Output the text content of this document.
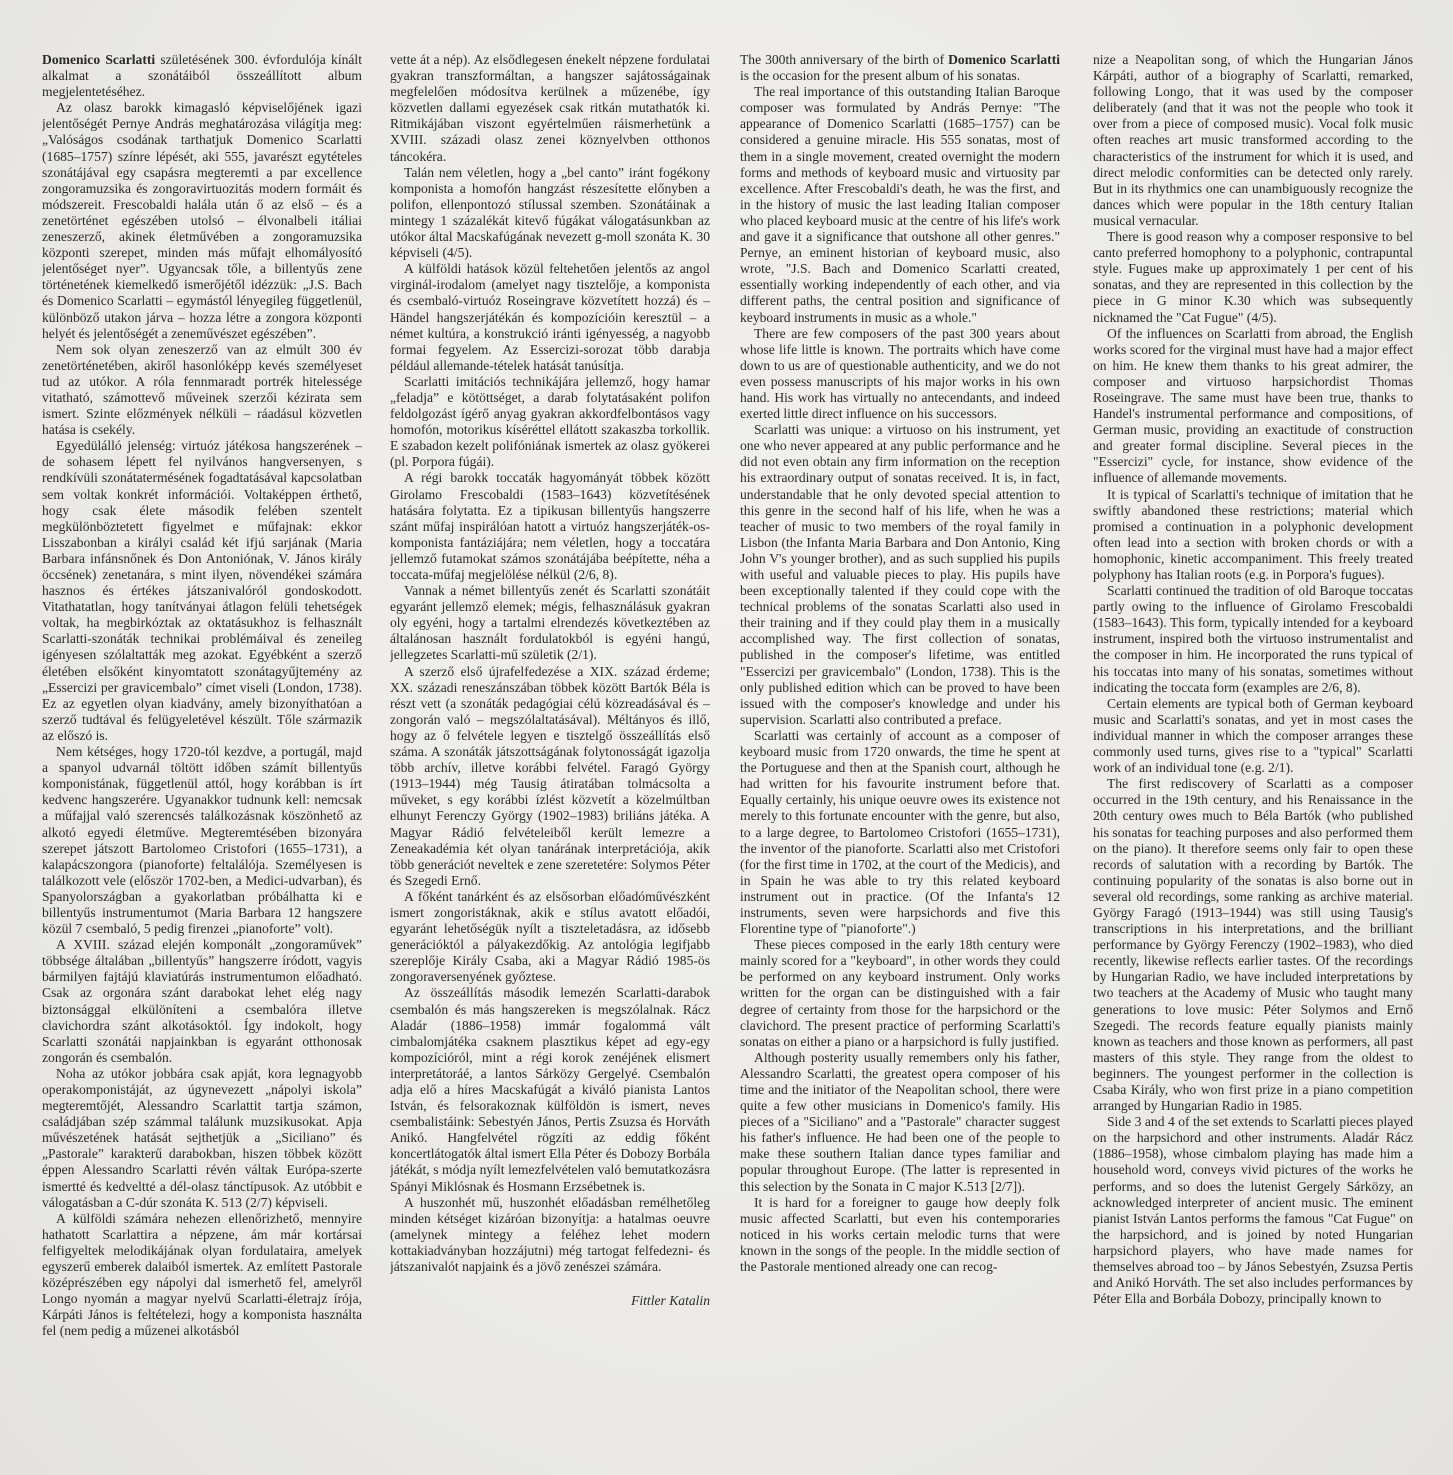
Domenico Scarlatti születésének 300. évfordulója kínált alkalmat a szonátáiból összeállított album megjelentetéséhez.

Az olasz barokk kimagasló képviselőjének igazi jelentőségét Pernye András meghatározása világítja meg: „Valóságos csodának tarthatjuk Domenico Scarlatti (1685–1757) színre lépését, aki 555, javarészt egytételes szonátájával egy csapásra megteremti a par excellence zongoramuzsika és zongoravirtuozitás modern formáit és módszereit. Frescobaldi halála után ő az első – és a zenetörténet egészében utolsó – élvonalbeli itáliai zeneszerző, akinek életművében a zongoramuzsika központi szerepet, minden más műfajt elhomályosító jelentőséget nyer”. Ugyancsak tőle, a billentyűs zene történetének kiemelkedő ismerőjétől idézzük: „J.S. Bach és Domenico Scarlatti – egymástól lényegileg függetlenül, különböző utakon járva – hozza létre a zongora központi helyét és jelentőségét a zeneművészet egészében”.

Nem sok olyan zeneszerző van az elmúlt 300 év zenetörténetében, akiről hasonlóképp kevés személyeset tud az utókor. A róla fennmaradt portrék hitelessége vitatható, számottevő műveinek szerzői kézirata sem ismert. Szinte előzmények nélküli – ráadásul közvetlen hatása is csekély.

Egyedülálló jelenség: virtuóz játékosa hangszerének – de sohasem lépett fel nyilvános hangversenyen, s rendkívüli szonátatermésének fogadtatásával kapcsolatban sem voltak konkrét információi. Voltaképpen érthető, hogy csak élete második felében szentelt megkülönböztetett figyelmet e műfajnak: ekkor Lisszabonban a királyi család két ifjú sarjának (Maria Barbara infánsnőnek és Don Antoniónak, V. János király öccsének) zenetanára, s mint ilyen, növendékei számára hasznos és értékes játszanivalóról gondoskodott. Vitathatatlan, hogy tanítványai átlagon felüli tehetségek voltak, ha megbirkóztak az oktatásukhoz is felhasznált Scarlatti-szonáták technikai problémáival és zeneileg igényesen szólaltatták meg azokat. Egyébként a szerző életében elsőként kinyomtatott szonátagyűjtemény az „Essercizi per gravicembalo” címet viseli (London, 1738). Ez az egyetlen olyan kiadvány, amely bizonyíthatóan a szerző tudtával és felügyeletével készült. Tőle származik az előszó is.

Nem kétséges, hogy 1720-tól kezdve, a portugál, majd a spanyol udvarnál töltött időben számít billentyűs komponistának, függetlenül attól, hogy korábban is írt kedvenc hangszerére. Ugyanakkor tudnunk kell: nemcsak a műfajjal való szerencsés találkozásnak köszönhető az alkotó egyedi életműve. Megteremtésében bizonyára szerepet játszott Bartolomeo Cristofori (1655–1731), a kalapácszongora (pianoforte) feltalálója. Személyesen is találkozott vele (először 1702-ben, a Medici-udvarban), és Spanyolországban a gyakorlatban próbálhatta ki e billentyűs instrumentumot (Maria Barbara 12 hangszere közül 7 csembaló, 5 pedig firenzei „pianoforte” volt).

A XVIII. század elején komponált „zongoraművek” többsége általában „billentyűs” hangszerre íródott, vagyis bármilyen fajtájú klaviatúrás instrumentumon előadható. Csak az orgonára szánt darabokat lehet elég nagy biztonsággal elkülöníteni a csembalóra illetve clavichordra szánt alkotásoktól. Így indokolt, hogy Scarlatti szonátái napjainkban is egyaránt otthonosak zongorán és csembalón.

Noha az utókor jobbára csak apját, kora legnagyobb operakomponistáját, az úgynevezett „nápolyi iskola” megteremtőjét, Alessandro Scarlattit tartja számon, családjában szép számmal találunk muzsikusokat. Apja művészetének hatását sejthetjük a „Siciliano” és „Pastorale” karakterű darabokban, hiszen többek között éppen Alessandro Scarlatti révén váltak Európa-szerte ismertté és kedveltté a dél-olasz tánctípusok. Az utóbbit e válogatásban a C-dúr szonáta K. 513 (2/7) képviseli.

A külföldi számára nehezen ellenőrizhető, mennyire hathatott Scarlattira a népzene, ám már kortársai felfigyeltek melodikájának olyan fordulataira, amelyek egyszerű emberek dalaiból ismertek. Az említett Pastorale középrészében egy nápolyi dal ismerhető fel, amelyről Longo nyomán a magyar nyelvű Scarlatti-életrajz írója, Kárpáti János is feltételezi, hogy a komponista használta fel (nem pedig a műzenei alkotásból

vette át a nép). Az elsődlegesen énekelt népzene fordulatai gyakran transzformáltan, a hangszer sajátosságainak megfelelően módosítva kerülnek a műzenébe, így közvetlen dallami egyezések csak ritkán mutathatók ki. Ritmikájában viszont egyértelműen ráismerhetünk a XVIII. századi olasz zenei köznyelvben otthonos táncokéra.

Talán nem véletlen, hogy a „bel canto” iránt fogékony komponista a homofón hangzást részesítette előnyben a polifon, ellenpontozó stílussal szemben. Szonátáinak a mintegy 1 százalékát kitevő fúgákat válogatásunkban az utókor által Macskafúgának nevezett g-moll szonáta K. 30 képviseli (4/5).

A külföldi hatások közül feltehetően jelentős az angol virginál-irodalom (amelyet nagy tisztelője, a komponista és csembaló-virtuóz Roseingrave közvetített hozzá) és – Händel hangszerjátékán és kompozícióin keresztül – a német kultúra, a konstrukció iránti igényesség, a nagyobb formai fegyelem. Az Essercizi-sorozat több darabja például allemande-tételek hatását tanúsítja.

Scarlatti imitációs technikájára jellemző, hogy hamar „feladja” e kötöttséget, a darab folytatásaként polifon feldolgozást ígérő anyag gyakran akkordfelbontásos vagy homofón, motorikus kíséréttel ellátott szakaszba torkollik. E szabadon kezelt polifóniának ismertek az olasz gyökerei (pl. Porpora fúgái).

A régi barokk toccaták hagyományát többek között Girolamo Frescobaldi (1583–1643) közvetítésének hatására folytatta. Ez a tipikusan billentyűs hangszerre szánt műfaj inspirálóan hatott a virtuóz hangszerjáték-os-komponista fantáziájára; nem véletlen, hogy a toccatára jellemző futamokat számos szonátájába beépítette, néha a toccata-műfaj megjelölése nélkül (2/6, 8).

Vannak a német billentyűs zenét és Scarlatti szonátáit egyaránt jellemző elemek; mégis, felhasználásuk gyakran oly egyéni, hogy a tartalmi elrendezés következtében az általánosan használt fordulatokból is egyéni hangú, jellegzetes Scarlatti-mű születik (2/1).

A szerző első újrafelfedezése a XIX. század érdeme; XX. századi reneszánszában többek között Bartók Béla is részt vett (a szonáták pedagógiai célú közreadásával és – zongorán való – megszólaltatásával). Méltányos és illő, hogy az ő felvétele legyen e tisztelgő összeállítás első száma. A szonáták játszottságának folytonosságát igazolja több archív, illetve korábbi felvétel. Faragó György (1913–1944) még Tausig átiratában tolmácsolta a műveket, s egy korábbi ízlést közvetít a közelmúltban elhunyt Ferenczy György (1902–1983) briliáns játéka. A Magyar Rádió felvételeiből került lemezre a Zeneakadémia két olyan tanárának interpretációja, akik több generációt neveltek e zene szeretetére: Solymos Péter és Szegedi Ernő.

A főként tanárként és az elsősorban előadóművészként ismert zongoristáknak, akik e stílus avatott előadói, egyaránt lehetőségük nyílt a tiszteletadásra, az idősebb generációktól a pályakezdőkig. Az antológia legifjabb szereplője Király Csaba, aki a Magyar Rádió 1985-ös zongoraversenyének győztese.

Az összeállítás második lemezén Scarlatti-darabok csembalón és más hangszereken is megszólalnak. Rácz Aladár (1886–1958) immár fogalommá vált cimbalomjátéka csaknem plasztikus képet ad egy-egy kompozícióról, mint a régi korok zenéjének elismert interpretátoráé, a lantos Sárközy Gergelyé. Csembalón adja elő a híres Macskafúgát a kiváló pianista Lantos István, és felsorakoznak külföldön is ismert, neves csembalistáink: Sebestyén János, Pertis Zsuzsa és Horváth Anikó. Hangfelvétel rögzíti az eddig főként koncertlátogatók által ismert Ella Péter és Dobozy Borbála játékát, s módja nyílt lemezfelvételen való bemutatkozásra Spányi Miklósnak és Hosmann Erzsébetnek is.

A huszonhét mű, huszonhét előadásban remélhetőleg minden kétséget kizáróan bizonyítja: a hatalmas oeuvre (amelynek mintegy a feléhez lehet modern kottakiadványban hozzájutni) még tartogat felfedezni- és játszanivalót napjaink és a jövő zenészei számára.

Fittler Katalin

The 300th anniversary of the birth of Domenico Scarlatti is the occasion for the present album of his sonatas.

The real importance of this outstanding Italian Baroque composer was formulated by András Pernye: "The appearance of Domenico Scarlatti (1685–1757) can be considered a genuine miracle. His 555 sonatas, most of them in a single movement, created overnight the modern forms and methods of keyboard music and virtuosity par excellence. After Frescobaldi's death, he was the first, and in the history of music the last leading Italian composer who placed keyboard music at the centre of his life's work and gave it a significance that outshone all other genres." Pernye, an eminent historian of keyboard music, also wrote, "J.S. Bach and Domenico Scarlatti created, essentially working independently of each other, and via different paths, the central position and significance of keyboard instruments in music as a whole."

There are few composers of the past 300 years about whose life little is known. The portraits which have come down to us are of questionable authenticity, and we do not even possess manuscripts of his major works in his own hand. His work has virtually no antecendants, and indeed exerted little direct influence on his successors.

Scarlatti was unique: a virtuoso on his instrument, yet one who never appeared at any public performance and he did not even obtain any firm information on the reception his extraordinary output of sonatas received. It is, in fact, understandable that he only devoted special attention to this genre in the second half of his life, when he was a teacher of music to two members of the royal family in Lisbon (the Infanta Maria Barbara and Don Antonio, King John V's younger brother), and as such supplied his pupils with useful and valuable pieces to play. His pupils have been exceptionally talented if they could cope with the technical problems of the sonatas Scarlatti also used in their training and if they could play them in a musically accomplished way. The first collection of sonatas, published in the composer's lifetime, was entitled "Essercizi per gravicembalo" (London, 1738). This is the only published edition which can be proved to have been issued with the composer's knowledge and under his supervision. Scarlatti also contributed a preface.

Scarlatti was certainly of account as a composer of keyboard music from 1720 onwards, the time he spent at the Portuguese and then at the Spanish court, although he had written for his favourite instrument before that. Equally certainly, his unique oeuvre owes its existence not merely to this fortunate encounter with the genre, but also, to a large degree, to Bartolomeo Cristofori (1655–1731), the inventor of the pianoforte. Scarlatti also met Cristofori (for the first time in 1702, at the court of the Medicis), and in Spain he was able to try this related keyboard instrument out in practice. (Of the Infanta's 12 instruments, seven were harpsichords and five this Florentine type of "pianoforte".)

These pieces composed in the early 18th century were mainly scored for a "keyboard", in other words they could be performed on any keyboard instrument. Only works written for the organ can be distinguished with a fair degree of certainty from those for the harpsichord or the clavichord. The present practice of performing Scarlatti's sonatas on either a piano or a harpsichord is fully justified.

Although posterity usually remembers only his father, Alessandro Scarlatti, the greatest opera composer of his time and the initiator of the Neapolitan school, there were quite a few other musicians in Domenico's family. His pieces of a "Siciliano" and a "Pastorale" character suggest his father's influence. He had been one of the people to make these southern Italian dance types familiar and popular throughout Europe. (The latter is represented in this selection by the Sonata in C major K.513 [2/7]).

It is hard for a foreigner to gauge how deeply folk music affected Scarlatti, but even his contemporaries noticed in his works certain melodic turns that were known in the songs of the people. In the middle section of the Pastorale mentioned already one can recog-

nize a Neapolitan song, of which the Hungarian János Kárpáti, author of a biography of Scarlatti, remarked, following Longo, that it was used by the composer deliberately (and that it was not the people who took it over from a piece of composed music). Vocal folk music often reaches art music transformed according to the characteristics of the instrument for which it is used, and direct melodic conformities can be detected only rarely. But in its rhythmics one can unambiguously recognize the dances which were popular in the 18th century Italian musical vernacular.

There is good reason why a composer responsive to bel canto preferred homophony to a polyphonic, contrapuntal style. Fugues make up approximately 1 per cent of his sonatas, and they are represented in this collection by the piece in G minor K.30 which was subsequently nicknamed the "Cat Fugue" (4/5).

Of the influences on Scarlatti from abroad, the English works scored for the virginal must have had a major effect on him. He knew them thanks to his great admirer, the composer and virtuoso harpsichordist Thomas Roseingrave. The same must have been true, thanks to Handel's instrumental performance and compositions, of German music, providing an exactitude of construction and greater formal discipline. Several pieces in the "Essercizi" cycle, for instance, show evidence of the influence of allemande movements.

It is typical of Scarlatti's technique of imitation that he swiftly abandoned these restrictions; material which promised a continuation in a polyphonic development often lead into a section with broken chords or with a homophonic, kinetic accompaniment. This freely treated polyphony has Italian roots (e.g. in Porpora's fugues).

Scarlatti continued the tradition of old Baroque toccatas partly owing to the influence of Girolamo Frescobaldi (1583–1643). This form, typically intended for a keyboard instrument, inspired both the virtuoso instrumentalist and the composer in him. He incorporated the runs typical of his toccatas into many of his sonatas, sometimes without indicating the toccata form (examples are 2/6, 8).

Certain elements are typical both of German keyboard music and Scarlatti's sonatas, and yet in most cases the individual manner in which the composer arranges these commonly used turns, gives rise to a "typical" Scarlatti work of an individual tone (e.g. 2/1).

The first rediscovery of Scarlatti as a composer occurred in the 19th century, and his Renaissance in the 20th century owes much to Béla Bartók (who published his sonatas for teaching purposes and also performed them on the piano). It therefore seems only fair to open these records of salutation with a recording by Bartók. The continuing popularity of the sonatas is also borne out in several old recordings, some ranking as archive material. György Faragó (1913–1944) was still using Tausig's transcriptions in his interpretations, and the brilliant performance by György Ferenczy (1902–1983), who died recently, likewise reflects earlier tastes. Of the recordings by Hungarian Radio, we have included interpretations by two teachers at the Academy of Music who taught many generations to love music: Péter Solymos and Ernő Szegedi. The records feature equally pianists mainly known as teachers and those known as performers, all past masters of this style. They range from the oldest to beginners. The youngest performer in the collection is Csaba Király, who won first prize in a piano competition arranged by Hungarian Radio in 1985.

Side 3 and 4 of the set extends to Scarlatti pieces played on the harpsichord and other instruments. Aladár Rácz (1886–1958), whose cimbalom playing has made him a household word, conveys vivid pictures of the works he performs, and so does the lutenist Gergely Sárközy, an acknowledged interpreter of ancient music. The eminent pianist István Lantos performs the famous "Cat Fugue" on the harpsichord, and is joined by noted Hungarian harpsichord players, who have made names for themselves abroad too – by János Sebestyén, Zsuzsa Pertis and Anikó Horváth. The set also includes performances by Péter Ella and Borbála Dobozy, principally known to
